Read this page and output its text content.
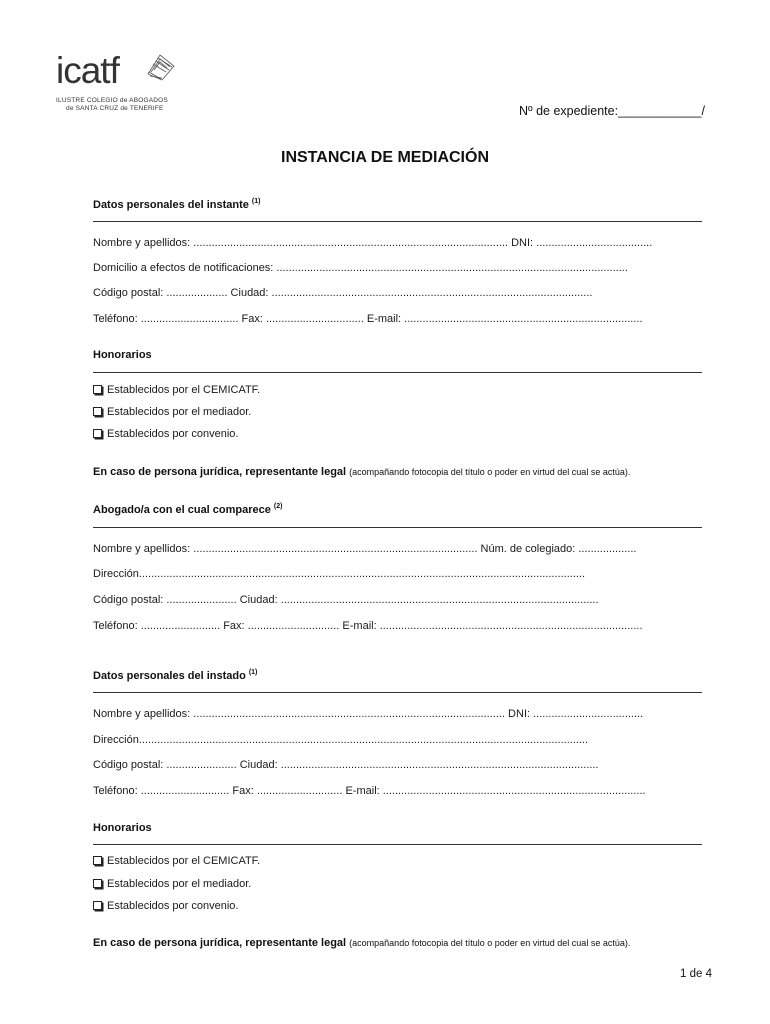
icatf
ILUSTRE COLEGIO de ABOGADOS
de SANTA CRUZ de TENERIFE	Nº de expediente:____________/
INSTANCIA DE MEDIACIÓN
Datos personales del instante $^{(1)}$
Nombre y apellidos: ....................................................................................................... DNI: ......................................
Domicilio a efectos de notificaciones: ...................................................................................................................
Código postal: .................... Ciudad: .........................................................................................................
Teléfono: ................................ Fax: ................................ E-mail: ..............................................................................
Honorarios
Establecidos por el CEMICATF.
Establecidos por el mediador.
Establecidos por convenio.
En caso de persona jurídica, representante legal (acompañando fotocopia del título o poder en virtud del cual se actúa).
Abogado/a con el cual comparece $^{(2)}$
Nombre y apellidos: ............................................................................................. Núm. de colegiado: ...................
Dirección..................................................................................................................................................
Código postal: ....................... Ciudad: ........................................................................................................
Teléfono: .......................... Fax: .............................. E-mail: ......................................................................................
Datos personales del instado $^{(1)}$
Nombre y apellidos: ...................................................................................................... DNI: ....................................
Dirección...................................................................................................................................................
Código postal: ....................... Ciudad: ........................................................................................................
Teléfono: ............................. Fax: ............................ E-mail: ......................................................................................
Honorarios
Establecidos por el CEMICATF.
Establecidos por el mediador.
Establecidos por convenio.
En caso de persona jurídica, representante legal (acompañando fotocopia del título o poder en virtud del cual se actúa).
1 de 4
